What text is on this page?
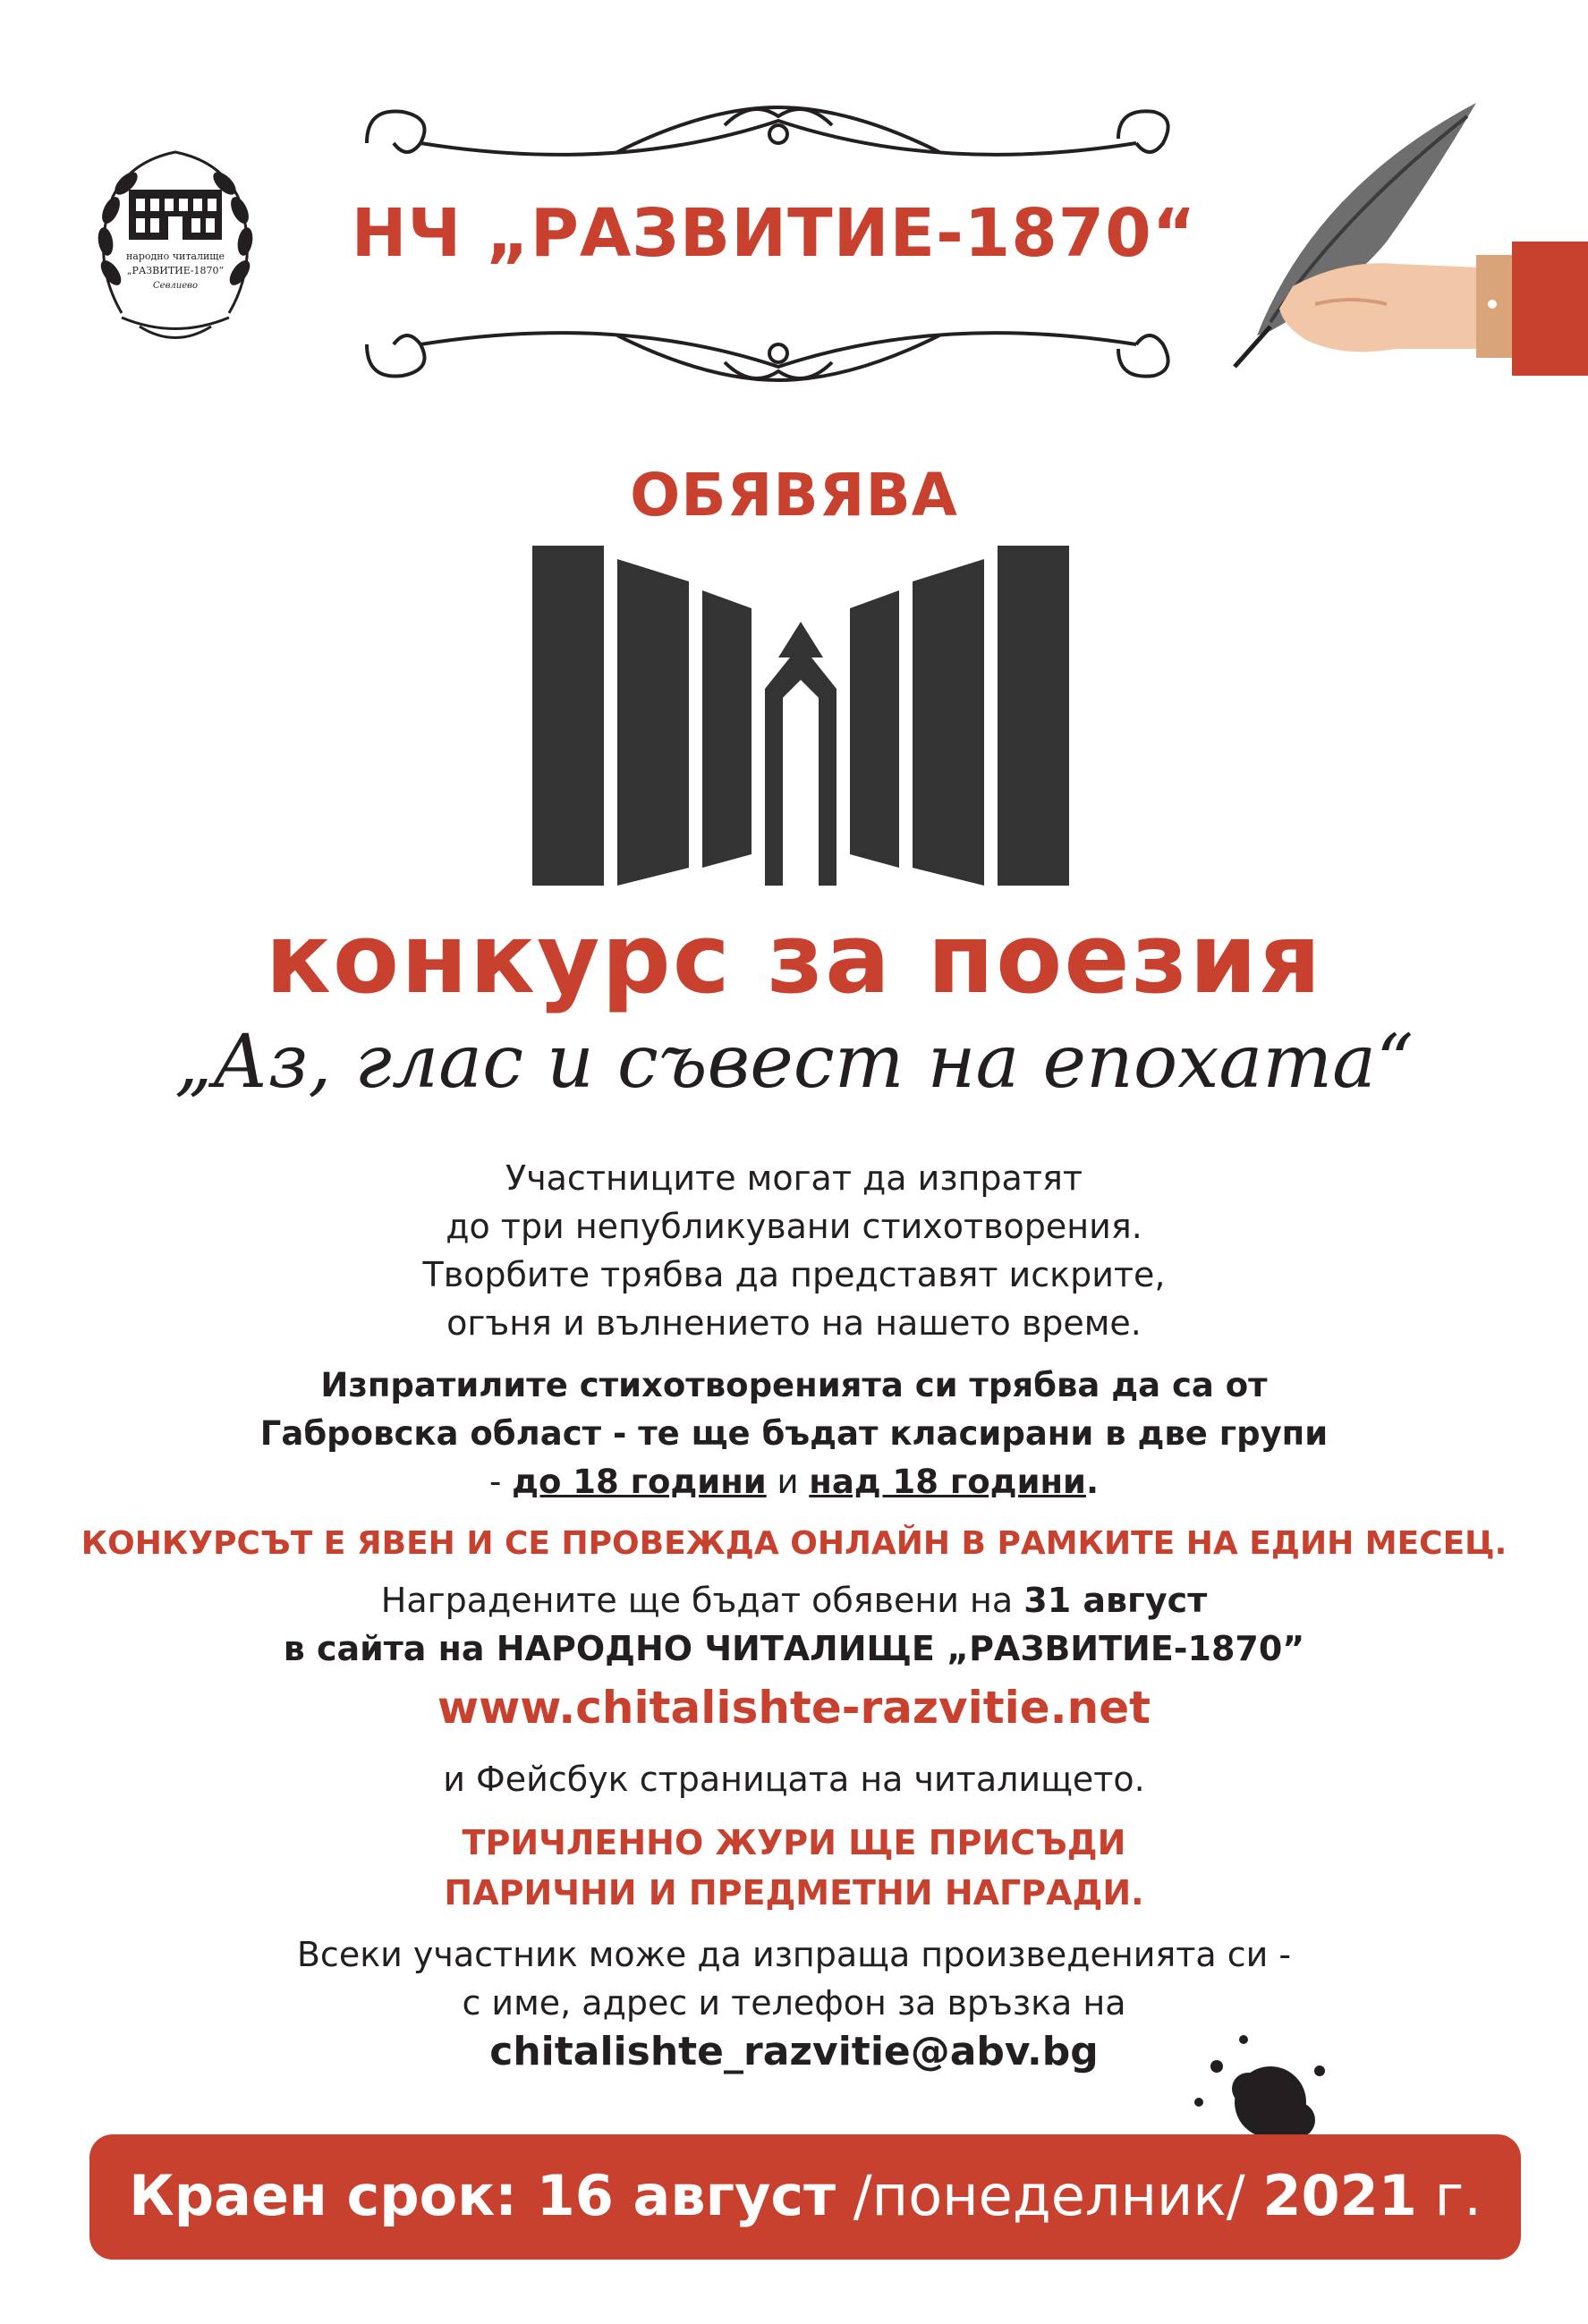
народно читалище
„РАЗВИТИЕ-1870“
Севлиево
НЧ „РАЗВИТИЕ-1870“
ОБЯВЯВА
конкурс за поезия
„Аз, глас и съвест на епохата“
Участниците могат да изпратят
до три непубликувани стихотворения.
Творбите трябва да представят искрите,
огъня и вълнението на нашето време.
Изпратилите стихотворенията си трябва да са от
Габровска област - те ще бъдат класирани в две групи
- до 18 години и над 18 години.
КОНКУРСЪТ Е ЯВЕН И СЕ ПРОВЕЖДА ОНЛАЙН В РАМКИТЕ НА ЕДИН МЕСЕЦ.
Наградените ще бъдат обявени на 31 август
в сайта на НАРОДНО ЧИТАЛИЩЕ „РАЗВИТИЕ-1870”
www.chitalishte-razvitie.net
и Фейсбук страницата на читалището.
ТРИЧЛЕННО ЖУРИ ЩЕ ПРИСЪДИ
ПАРИЧНИ И ПРЕДМЕТНИ НАГРАДИ.
Всеки участник може да изпраща произведенията си -
с име, адрес и телефон за връзка на
chitalishte_razvitie@abv.bg
Краен срок: 16 август /понеделник/ 2021 г.
